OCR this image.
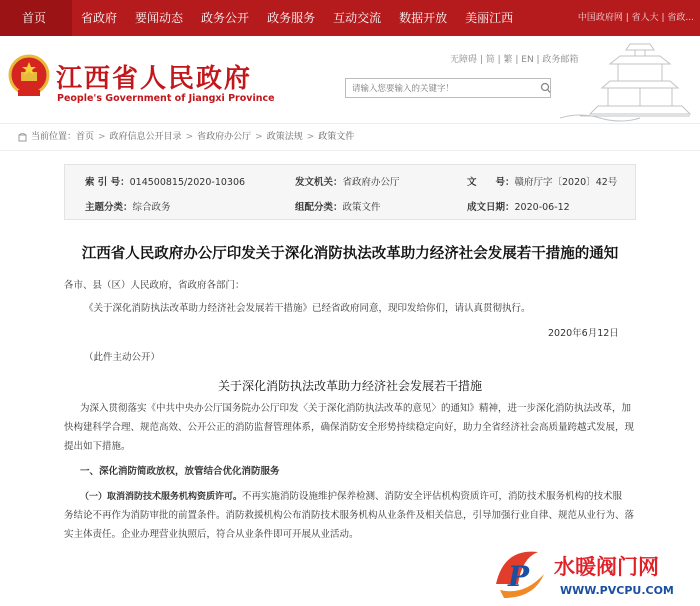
首页	省政府	要闻动态	政务公开	政务服务	互动交流	数据开放	美丽江西	中国政府网 | 省人大 | 省政...
江西省人民政府
People's Government of Jiangxi Province
无障碍 | 简 | 繁 | EN | 政务邮箱
请输入您要输入的关键字！
当前位置： 首页 > 政府信息公开目录 > 省政府办公厅 > 政策法规 > 政策文件
索 引 号：014500815/2020-10306	发文机关：省政府办公厅	文　　号：赣府厅字〔2020〕42号
主题分类：综合政务	组配分类：政策文件	成文日期：2020-06-12
江西省人民政府办公厅印发关于深化消防执法改革助力经济社会发展若干措施的通知
各市、县（区）人民政府，省政府各部门：
《关于深化消防执法改革助力经济社会发展若干措施》已经省政府同意，现印发给你们，请认真贯彻执行。
2020年6月12日
（此件主动公开）
关于深化消防执法改革助力经济社会发展若干措施
为深入贯彻落实《中共中央办公厅国务院办公厅印发〈关于深化消防执法改革的意见〉的通知》精神，进一步深化消防执法改革，加
快构建科学合理、规范高效、公开公正的消防监督管理体系，确保消防安全形势持续稳定向好，助力全省经济社会高质量跨越式发展，现
提出如下措施。
一、深化消防简政放权，放管结合优化消防服务
（一）取消消防技术服务机构资质许可。不再实施消防设施维护保养检测、消防安全评估机构资质许可，消防技术服务机构的技术服
务结论不再作为消防审批的前置条件。消防救援机构公布消防技术服务机构从业条件及相关信息，引导加强行业自律、规范从业行为、落
实主体责任。企业办理营业执照后，符合从业条件即可开展从业活动。
P 水暖阀门网
WWW.PVCPU.COM
